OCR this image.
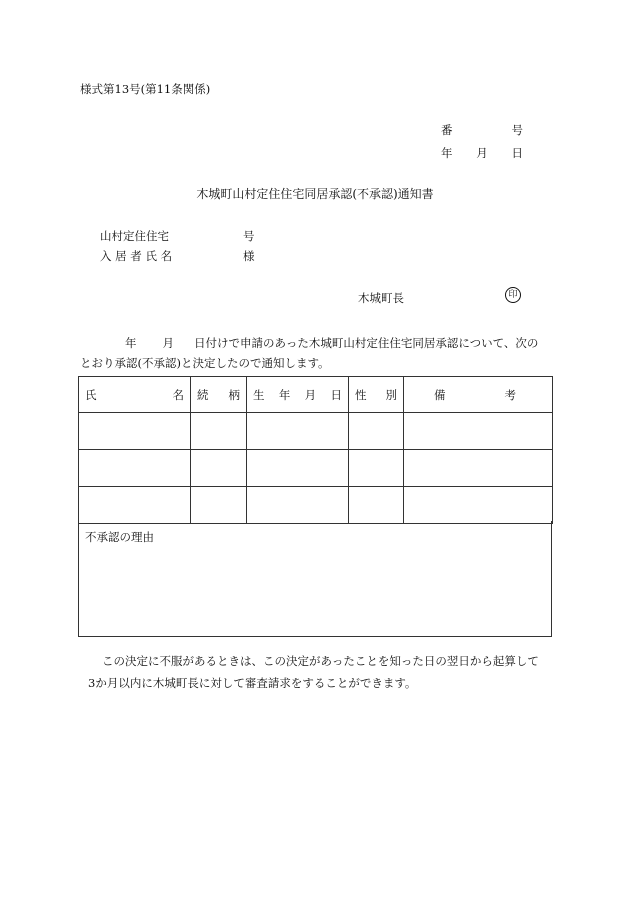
様式第13号(第11条関係)
番	号
年 月 日
木城町山村定住住宅同居承認(不承認)通知書
山村定住住宅	号
入 居 者 氏 名	様
木城町長	印
年 月 日付けで申請のあった木城町山村定住住宅同居承認について、次の
とおり承認(不承認)と決定したので通知します。
氏 名	続 柄	生 年 月 日	性 別	備 考

不承認の理由
この決定に不服があるときは、この決定があったことを知った日の翌日から起算して
3か月以内に木城町長に対して審査請求をすることができます。
